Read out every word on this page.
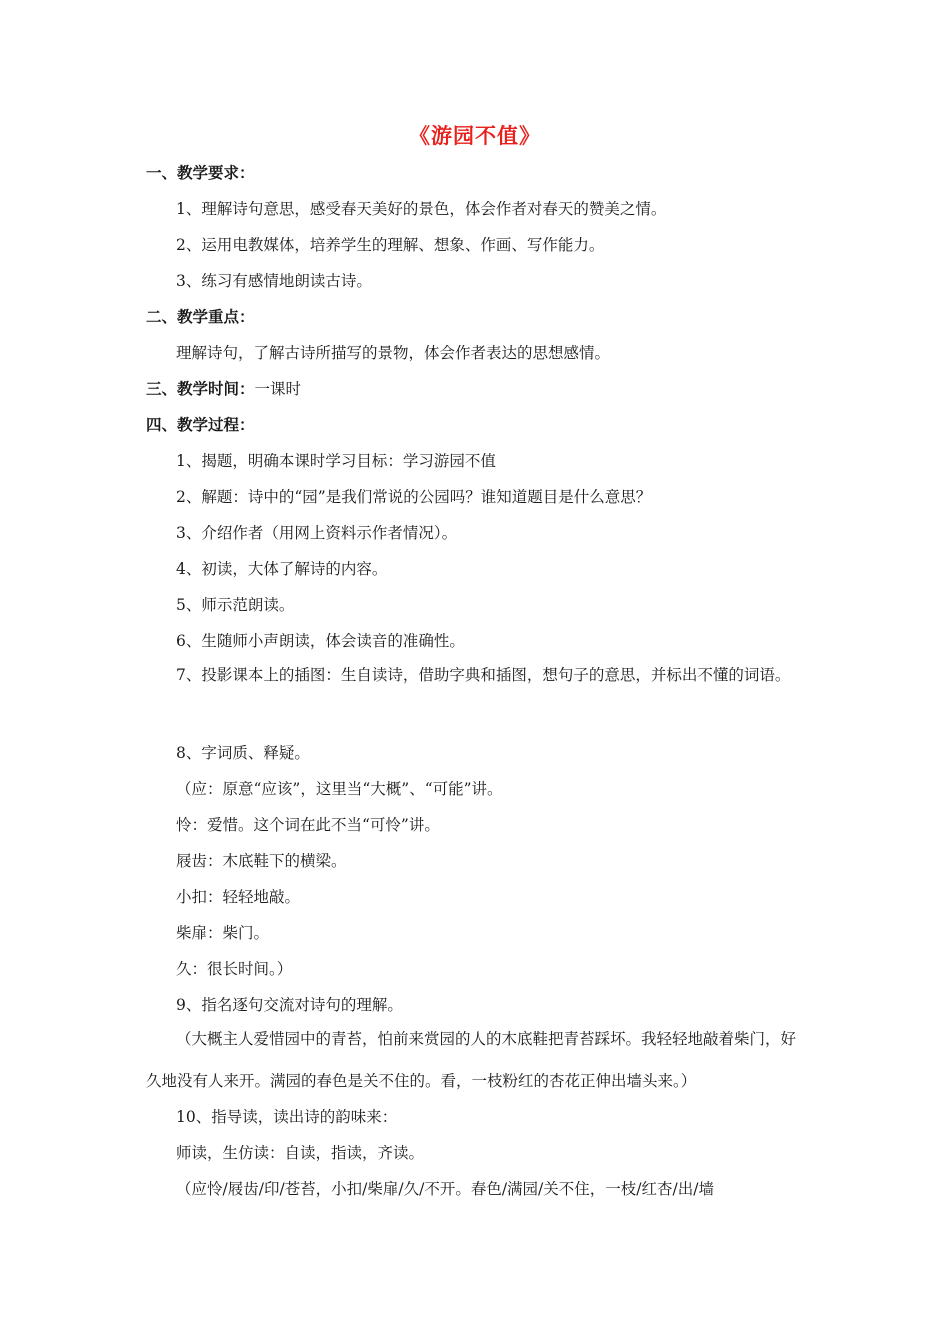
《游园不值》
一、教学要求：
1、理解诗句意思，感受春天美好的景色，体会作者对春天的赞美之情。
2、运用电教媒体，培养学生的理解、想象、作画、写作能力。
3、练习有感情地朗读古诗。
二、教学重点：
理解诗句，了解古诗所描写的景物，体会作者表达的思想感情。
三、教学时间：一课时
四、教学过程：
1、揭题，明确本课时学习目标：学习游园不值
2、解题：诗中的“园”是我们常说的公园吗？谁知道题目是什么意思？
3、介绍作者（用网上资料示作者情况）。
4、初读，大体了解诗的内容。
5、师示范朗读。
6、生随师小声朗读，体会读音的准确性。
7、投影课本上的插图：生自读诗，借助字典和插图，想句子的意思，并标出不懂的词语。
8、字词质、释疑。
（应：原意“应该”，这里当“大概”、“可能”讲。
怜：爱惜。这个词在此不当“可怜”讲。
屐齿：木底鞋下的横梁。
小扣：轻轻地敲。
柴扉：柴门。
久：很长时间。）
9、指名逐句交流对诗句的理解。
（大概主人爱惜园中的青苔，怕前来赏园的人的木底鞋把青苔踩坏。我轻轻地敲着柴门，好久地没有人来开。满园的春色是关不住的。看，一枝粉红的杏花正伸出墙头来。）
10、指导读，读出诗的韵味来：
师读，生仿读：自读，指读，齐读。
（应怜/屐齿/印/苍苔，小扣/柴扉/久/不开。春色/满园/关不住，一枝/红杏/出/墙
